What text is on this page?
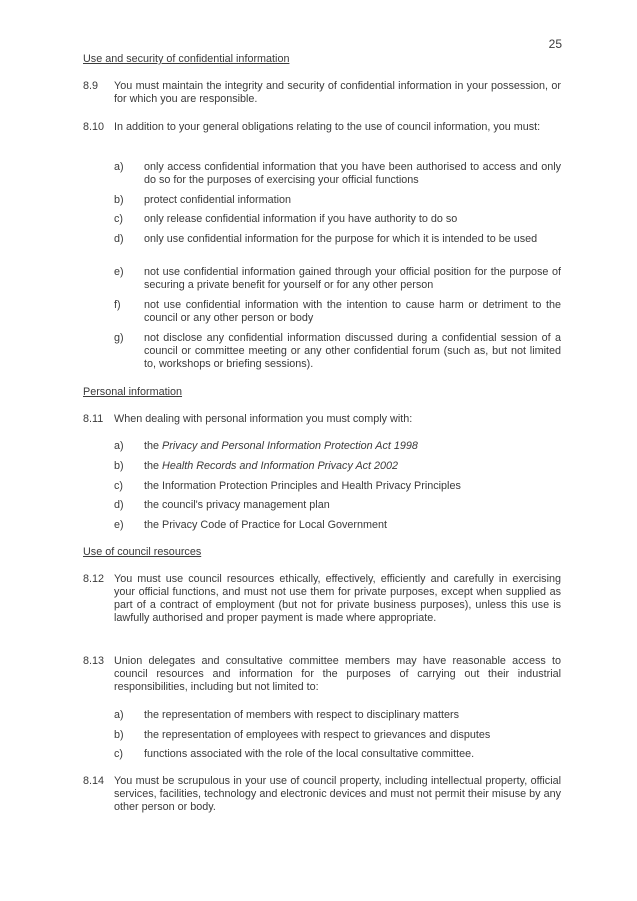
25
Use and security of confidential information
8.9 You must maintain the integrity and security of confidential information in your possession, or for which you are responsible.
8.10 In addition to your general obligations relating to the use of council information, you must:
a) only access confidential information that you have been authorised to access and only do so for the purposes of exercising your official functions
b) protect confidential information
c) only release confidential information if you have authority to do so
d) only use confidential information for the purpose for which it is intended to be used
e) not use confidential information gained through your official position for the purpose of securing a private benefit for yourself or for any other person
f) not use confidential information with the intention to cause harm or detriment to the council or any other person or body
g) not disclose any confidential information discussed during a confidential session of a council or committee meeting or any other confidential forum (such as, but not limited to, workshops or briefing sessions).
Personal information
8.11 When dealing with personal information you must comply with:
a) the Privacy and Personal Information Protection Act 1998
b) the Health Records and Information Privacy Act 2002
c) the Information Protection Principles and Health Privacy Principles
d) the council's privacy management plan
e) the Privacy Code of Practice for Local Government
Use of council resources
8.12 You must use council resources ethically, effectively, efficiently and carefully in exercising your official functions, and must not use them for private purposes, except when supplied as part of a contract of employment (but not for private business purposes), unless this use is lawfully authorised and proper payment is made where appropriate.
8.13 Union delegates and consultative committee members may have reasonable access to council resources and information for the purposes of carrying out their industrial responsibilities, including but not limited to:
a) the representation of members with respect to disciplinary matters
b) the representation of employees with respect to grievances and disputes
c) functions associated with the role of the local consultative committee.
8.14 You must be scrupulous in your use of council property, including intellectual property, official services, facilities, technology and electronic devices and must not permit their misuse by any other person or body.
